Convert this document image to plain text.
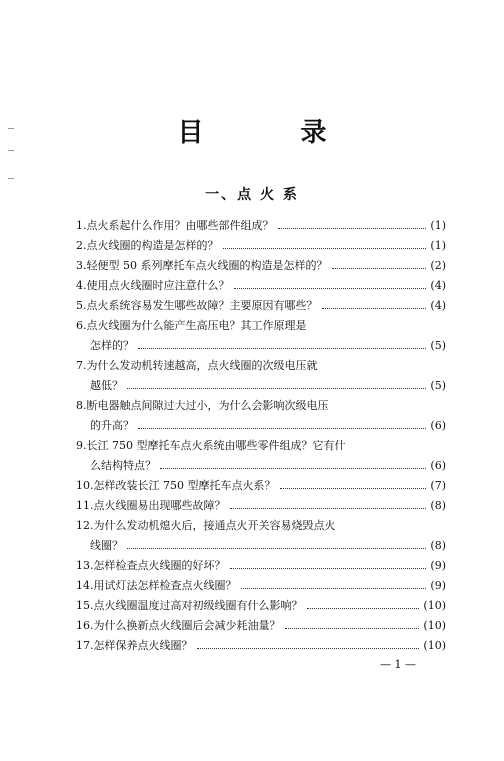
目 录
一、点 火 系
1. 点火系起什么作用？由哪些部件组成？	(1)
2. 点火线圈的构造是怎样的？	(1)
3. 轻便型 50 系列摩托车点火线圈的构造是怎样的？	(2)
4. 使用点火线圈时应注意什么？	(4)
5. 点火系统容易发生哪些故障？主要原因有哪些？	(4)
6. 点火线圈为什么能产生高压电？其工作原理是
怎样的？	(5)
7. 为什么发动机转速越高，点火线圈的次级电压就
越低？	(5)
8. 断电器触点间隙过大过小，为什么会影响次级电压
的升高？	(6)
9. 长江 750 型摩托车点火系统由哪些零件组成？它有什
么结构特点？	(6)
10. 怎样改装长江 750 型摩托车点火系？	(7)
11. 点火线圈易出现哪些故障？	(8)
12. 为什么发动机熄火后，接通点火开关容易烧毁点火
线圈？	(8)
13. 怎样检查点火线圈的好坏？	(9)
14. 用试灯法怎样检查点火线圈？	(9)
15. 点火线圈温度过高对初级线圈有什么影响？	(10)
16. 为什么换新点火线圈后会减少耗油量？	(10)
17. 怎样保养点火线圈？	(10)
— 1 —
